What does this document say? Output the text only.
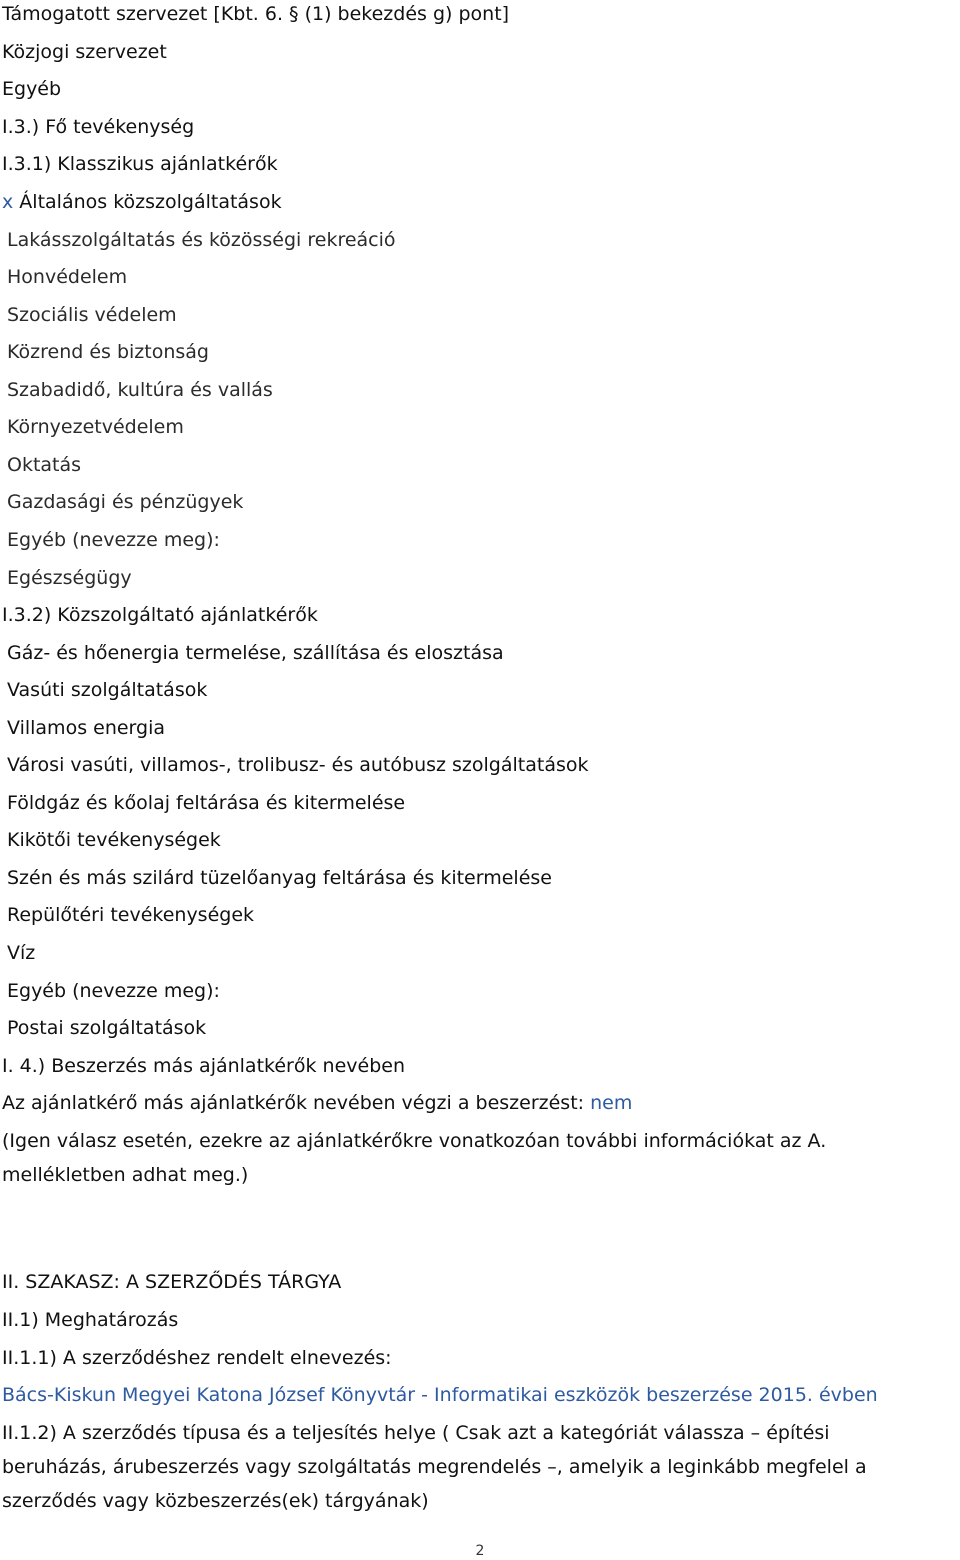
Támogatott szervezet [Kbt. 6. § (1) bekezdés g) pont]
Közjogi szervezet
Egyéb
I.3.) Fő tevékenység
I.3.1) Klasszikus ajánlatkérők
x Általános közszolgáltatások
Lakásszolgáltatás és közösségi rekreáció
Honvédelem
Szociális védelem
Közrend és biztonság
Szabadidő, kultúra és vallás
Környezetvédelem
Oktatás
Gazdasági és pénzügyek
Egyéb (nevezze meg):
Egészségügy
I.3.2) Közszolgáltató ajánlatkérők
Gáz- és hőenergia termelése, szállítása és elosztása
Vasúti szolgáltatások
Villamos energia
Városi vasúti, villamos-, trolibusz- és autóbusz szolgáltatások
Földgáz és kőolaj feltárása és kitermelése
Kikötői tevékenységek
Szén és más szilárd tüzelőanyag feltárása és kitermelése
Repülőtéri tevékenységek
Víz
Egyéb (nevezze meg):
Postai szolgáltatások
I. 4.) Beszerzés más ajánlatkérők nevében
Az ajánlatkérő más ajánlatkérők nevében végzi a beszerzést: nem
(Igen válasz esetén, ezekre az ajánlatkérőkre vonatkozóan további információkat az A.
mellékletben adhat meg.)
II. SZAKASZ: A SZERZŐDÉS TÁRGYA
II.1) Meghatározás
II.1.1) A szerződéshez rendelt elnevezés:
Bács-Kiskun Megyei Katona József Könyvtár - Informatikai eszközök beszerzése 2015. évben
II.1.2) A szerződés típusa és a teljesítés helye ( Csak azt a kategóriát válassza – építési
beruházás, árubeszerzés vagy szolgáltatás megrendelés –, amelyik a leginkább megfelel a
szerződés vagy közbeszerzés(ek) tárgyának)
2
